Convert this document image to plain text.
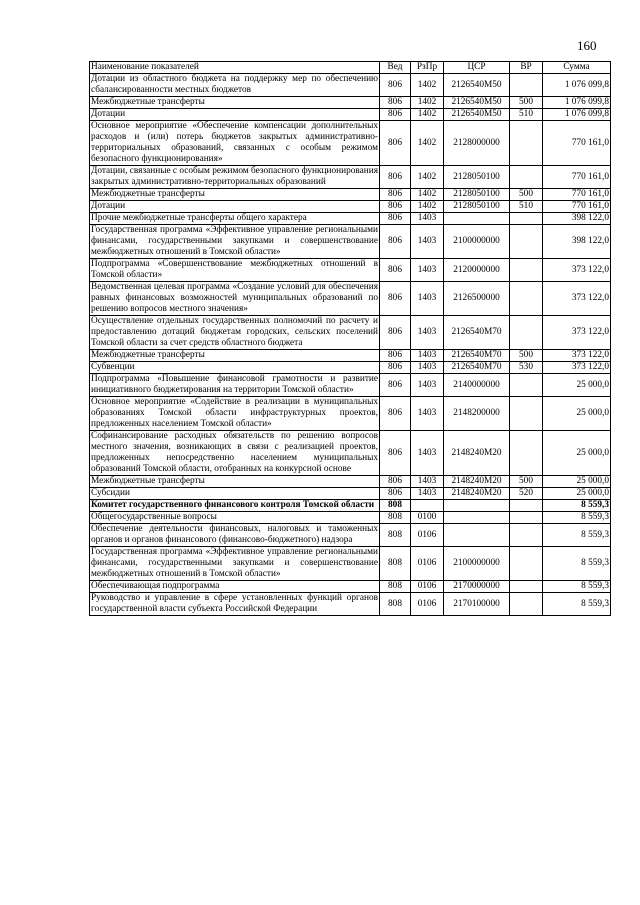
160
Наименование показателей	Вед	РзПр	ЦСР	ВР	Сумма
Дотации из областного бюджета на поддержку мер по обеспечению сбалансированности местных бюджетов	806	1402	2126540М50		1 076 099,8
Межбюджетные трансферты	806	1402	2126540М50	500	1 076 099,8
Дотации	806	1402	2126540М50	510	1 076 099,8
Основное мероприятие «Обеспечение компенсации дополнительных расходов и (или) потерь бюджетов закрытых административно-территориальных образований, связанных с особым режимом безопасного функционирования»	806	1402	2128000000		770 161,0
Дотации, связанные с особым режимом безопасного функционирования закрытых административно-территориальных образований	806	1402	2128050100		770 161,0
Межбюджетные трансферты	806	1402	2128050100	500	770 161,0
Дотации	806	1402	2128050100	510	770 161,0
Прочие межбюджетные трансферты общего характера	806	1403			398 122,0
Государственная программа «Эффективное управление региональными финансами, государственными закупками и совершенствование межбюджетных отношений в Томской области»	806	1403	2100000000		398 122,0
Подпрограмма «Совершенствование межбюджетных отношений в Томской области»	806	1403	2120000000		373 122,0
Ведомственная целевая программа «Создание условий для обеспечения равных финансовых возможностей муниципальных образований по решению вопросов местного значения»	806	1403	2126500000		373 122,0
Осуществление отдельных государственных полномочий по расчету и предоставлению дотаций бюджетам городских, сельских поселений Томской области за счет средств областного бюджета	806	1403	2126540М70		373 122,0
Межбюджетные трансферты	806	1403	2126540М70	500	373 122,0
Субвенции	806	1403	2126540М70	530	373 122,0
Подпрограмма «Повышение финансовой грамотности и развитие инициативного бюджетирования на территории Томской области»	806	1403	2140000000		25 000,0
Основное мероприятие «Содействие в реализации в муниципальных образованиях Томской области инфраструктурных проектов, предложенных населением Томской области»	806	1403	2148200000		25 000,0
Софинансирование расходных обязательств по решению вопросов местного значения, возникающих в связи с реализацией проектов, предложенных непосредственно населением муниципальных образований Томской области, отобранных на конкурсной основе	806	1403	2148240М20		25 000,0
Межбюджетные трансферты	806	1403	2148240М20	500	25 000,0
Субсидии	806	1403	2148240М20	520	25 000,0
Комитет государственного финансового контроля Томской области	808				8 559,3
Общегосударственные вопросы	808	0100			8 559,3
Обеспечение деятельности финансовых, налоговых и таможенных органов и органов финансового (финансово-бюджетного) надзора	808	0106			8 559,3
Государственная программа «Эффективное управление региональными финансами, государственными закупками и совершенствование межбюджетных отношений в Томской области»	808	0106	2100000000		8 559,3
Обеспечивающая подпрограмма	808	0106	2170000000		8 559,3
Руководство и управление в сфере установленных функций органов государственной власти субъекта Российской Федерации	808	0106	2170100000		8 559,3
